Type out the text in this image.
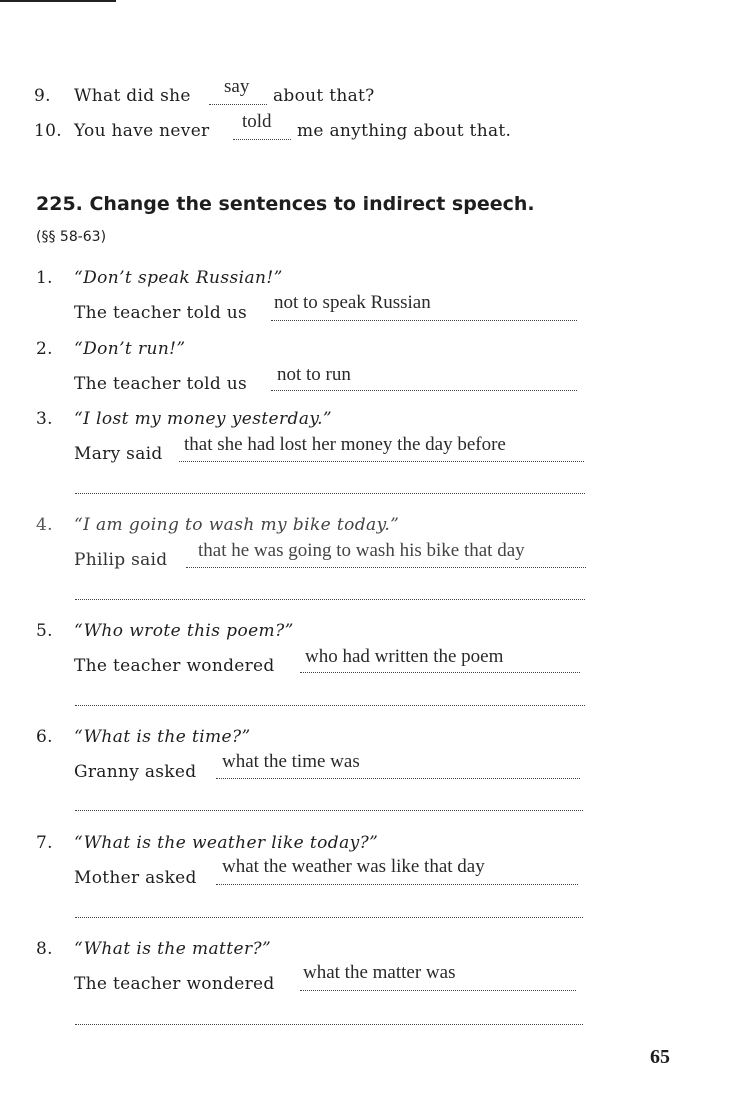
9. What did she say about that?
10. You have never told me anything about that.
225. Change the sentences to indirect speech.
(§§ 58-63)
1. “Don’t speak Russian!”
The teacher told us not to speak Russian
2. “Don’t run!”
The teacher told us not to run
3. “I lost my money yesterday.”
Mary said that she had lost her money the day before
4. “I am going to wash my bike today.”
Philip said that he was going to wash his bike that day
5. “Who wrote this poem?”
The teacher wondered who had written the poem
6. “What is the time?”
Granny asked what the time was
7. “What is the weather like today?”
Mother asked
what the weather was like that day
8. “What is the matter?”
The teacher wondered
what the matter was
65
